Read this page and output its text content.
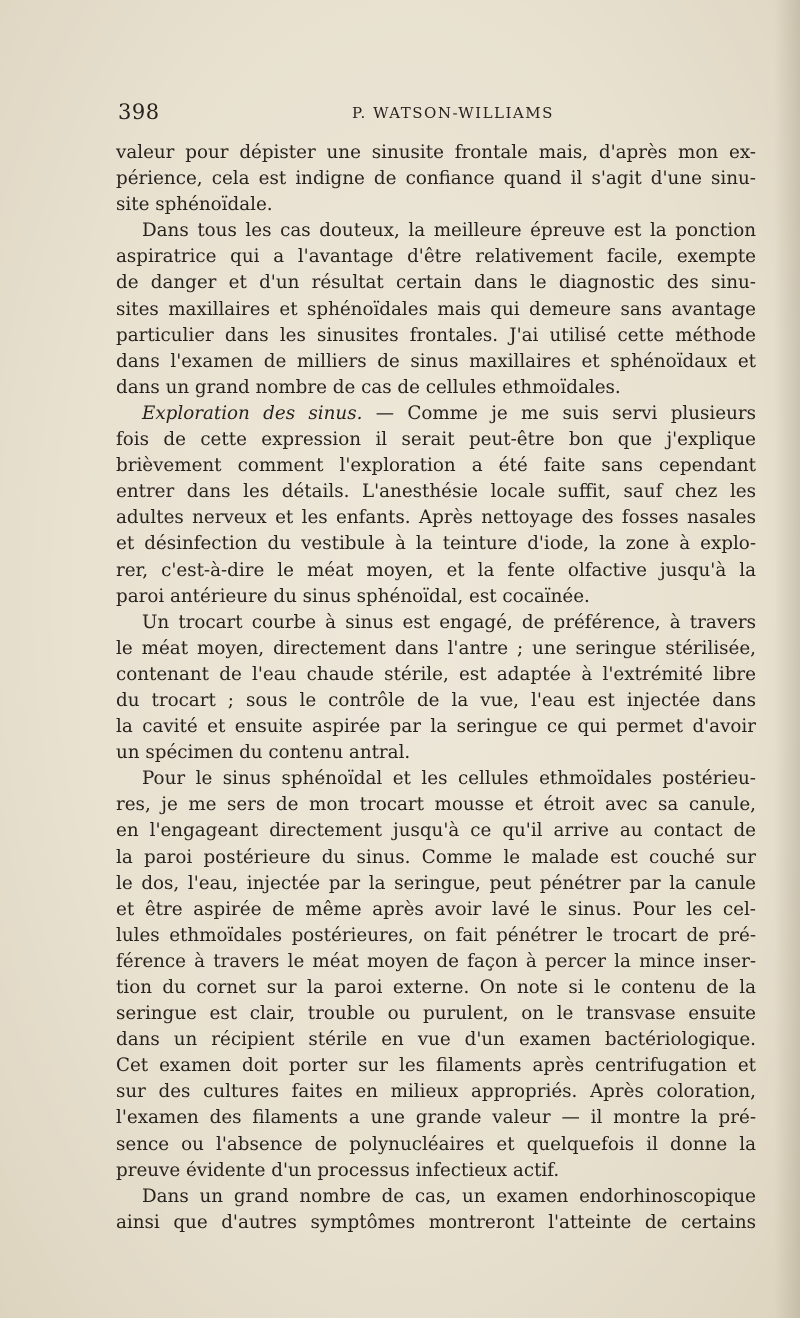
398	P. WATSON-WILLIAMS
valeur pour dépister une sinusite frontale mais, d'après mon ex-
périence, cela est indigne de confiance quand il s'agit d'une sinu-
site sphénoïdale.
Dans tous les cas douteux, la meilleure épreuve est la ponction
aspiratrice qui a l'avantage d'être relativement facile, exempte
de danger et d'un résultat certain dans le diagnostic des sinu-
sites maxillaires et sphénoïdales mais qui demeure sans avantage
particulier dans les sinusites frontales. J'ai utilisé cette méthode
dans l'examen de milliers de sinus maxillaires et sphénoïdaux et
dans un grand nombre de cas de cellules ethmoïdales.
Exploration des sinus. — Comme je me suis servi plusieurs
fois de cette expression il serait peut-être bon que j'explique
brièvement comment l'exploration a été faite sans cependant
entrer dans les détails. L'anesthésie locale suffit, sauf chez les
adultes nerveux et les enfants. Après nettoyage des fosses nasales
et désinfection du vestibule à la teinture d'iode, la zone à explo-
rer, c'est-à-dire le méat moyen, et la fente olfactive jusqu'à la
paroi antérieure du sinus sphénoïdal, est cocaïnée.
Un trocart courbe à sinus est engagé, de préférence, à travers
le méat moyen, directement dans l'antre ; une seringue stérilisée,
contenant de l'eau chaude stérile, est adaptée à l'extrémité libre
du trocart ; sous le contrôle de la vue, l'eau est injectée dans
la cavité et ensuite aspirée par la seringue ce qui permet d'avoir
un spécimen du contenu antral.
Pour le sinus sphénoïdal et les cellules ethmoïdales postérieu-
res, je me sers de mon trocart mousse et étroit avec sa canule,
en l'engageant directement jusqu'à ce qu'il arrive au contact de
la paroi postérieure du sinus. Comme le malade est couché sur
le dos, l'eau, injectée par la seringue, peut pénétrer par la canule
et être aspirée de même après avoir lavé le sinus. Pour les cel-
lules ethmoïdales postérieures, on fait pénétrer le trocart de pré-
férence à travers le méat moyen de façon à percer la mince inser-
tion du cornet sur la paroi externe. On note si le contenu de la
seringue est clair, trouble ou purulent, on le transvase ensuite
dans un récipient stérile en vue d'un examen bactériologique.
Cet examen doit porter sur les filaments après centrifugation et
sur des cultures faites en milieux appropriés. Après coloration,
l'examen des filaments a une grande valeur — il montre la pré-
sence ou l'absence de polynucléaires et quelquefois il donne la
preuve évidente d'un processus infectieux actif.
Dans un grand nombre de cas, un examen endorhinoscopique
ainsi que d'autres symptômes montreront l'atteinte de certains
